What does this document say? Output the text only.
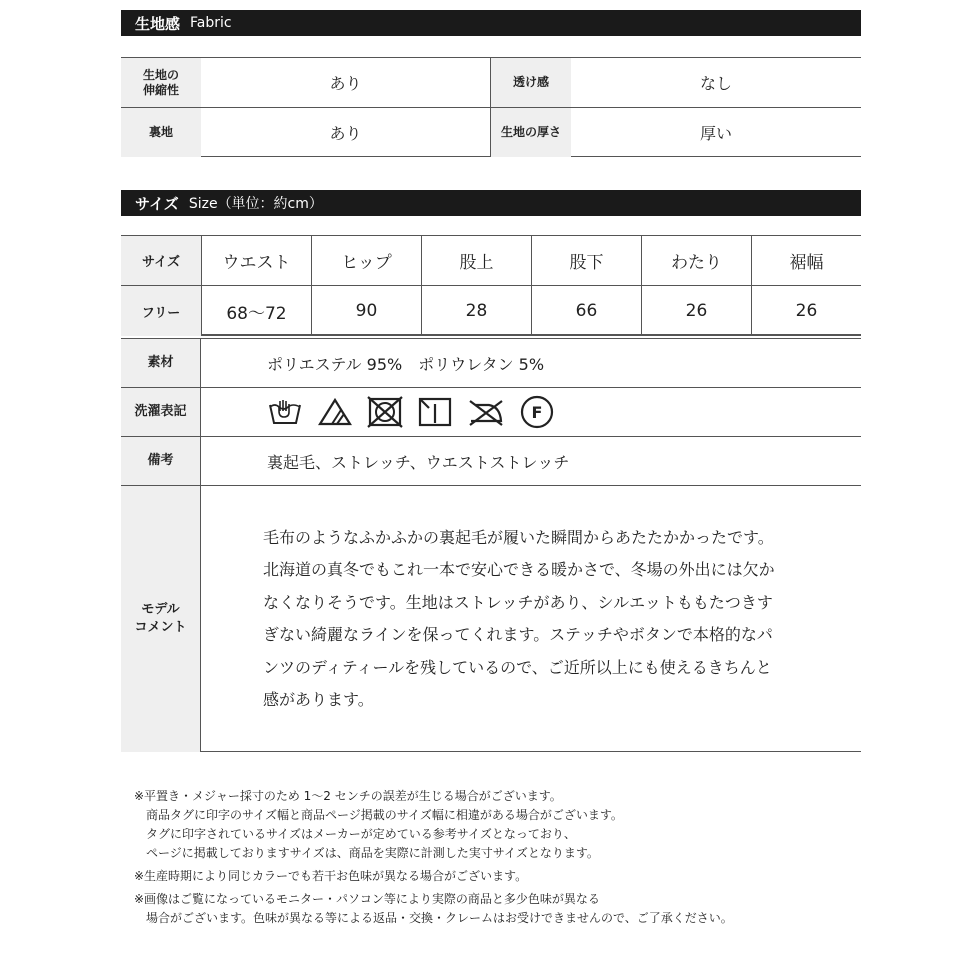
生地感 Fabric
生地の
伸縮性	あり	透け感	なし
裏地	あり	生地の厚さ	厚い
サイズ Size（単位：約cm）
サイズ	ウエスト	ヒップ	股上	股下	わたり	裾幅
フリー	68〜72	90	28	66	26	26
素材	ポリエステル 95%　ポリウレタン 5%
洗濯表記	F
備考	裏起毛、ストレッチ、ウエストストレッチ
モデル
コメント

毛布のようなふかふかの裏起毛が履いた瞬間からあたたかかったです。

北海道の真冬でもこれ一本で安心できる暖かさで、冬場の外出には欠か

なくなりそうです。生地はストレッチがあり、シルエットももたつきす

ぎない綺麗なラインを保ってくれます。ステッチやボタンで本格的なパ

ンツのディティールを残しているので、ご近所以上にも使えるきちんと

感があります。

※平置き・メジャー採寸のため 1〜2 センチの誤差が生じる場合がございます。
　商品タグに印字のサイズ幅と商品ページ掲載のサイズ幅に相違がある場合がございます。
　タグに印字されているサイズはメーカーが定めている参考サイズとなっており、
　ページに掲載しておりますサイズは、商品を実際に計測した実寸サイズとなります。
※生産時期により同じカラーでも若干お色味が異なる場合がございます。
※画像はご覧になっているモニター・パソコン等により実際の商品と多少色味が異なる
　場合がございます。色味が異なる等による返品・交換・クレームはお受けできませんので、ご了承ください。
